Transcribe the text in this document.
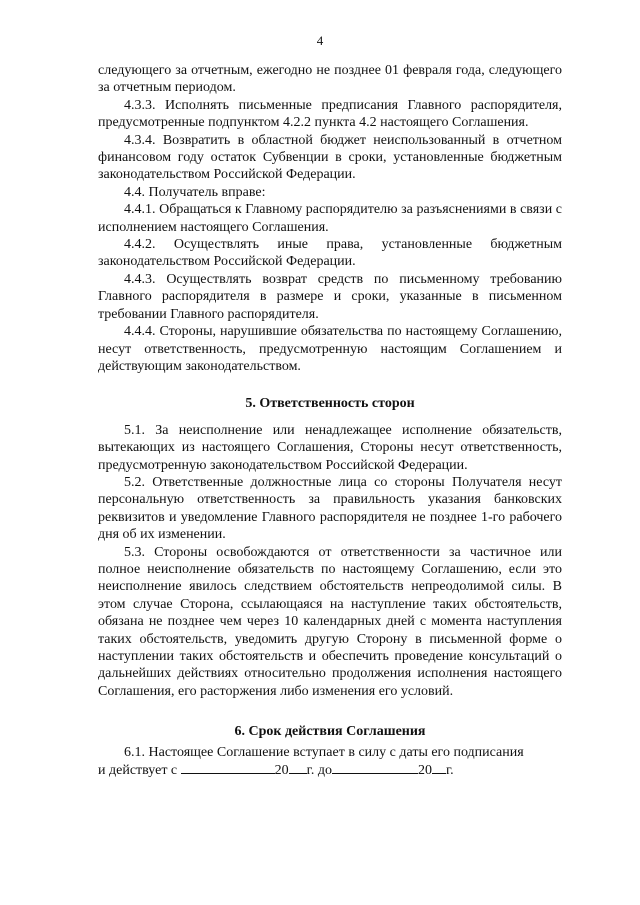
4

следующего за отчетным, ежегодно не позднее 01 февраля года, следующего за отчетным периодом.

4.3.3. Исполнять письменные предписания Главного распорядителя, предусмотренные подпунктом 4.2.2 пункта 4.2 настоящего Соглашения.

4.3.4. Возвратить в областной бюджет неиспользованный в отчетном финансовом году остаток Субвенции в сроки, установленные бюджетным законодательством Российской Федерации.

4.4. Получатель вправе:

4.4.1. Обращаться к Главному распорядителю за разъяснениями в связи с исполнением настоящего Соглашения.

4.4.2. Осуществлять иные права, установленные бюджетным законодательством Российской Федерации.

4.4.3. Осуществлять возврат средств по письменному требованию Главного распорядителя в размере и сроки, указанные в письменном требовании Главного распорядителя.

4.4.4. Стороны, нарушившие обязательства по настоящему Соглашению, несут ответственность, предусмотренную настоящим Соглашением и действующим законодательством.

5. Ответственность сторон

5.1. За неисполнение или ненадлежащее исполнение обязательств, вытекающих из настоящего Соглашения, Стороны несут ответственность, предусмотренную законодательством Российской Федерации.

5.2. Ответственные должностные лица со стороны Получателя несут персональную ответственность за правильность указания банковских реквизитов и уведомление Главного распорядителя не позднее 1-го рабочего дня об их изменении.

5.3. Стороны освобождаются от ответственности за частичное или полное неисполнение обязательств по настоящему Соглашению, если это неисполнение явилось следствием обстоятельств непреодолимой силы. В этом случае Сторона, ссылающаяся на наступление таких обстоятельств, обязана не позднее чем через 10 календарных дней с момента наступления таких обстоятельств, уведомить другую Сторону в письменной форме о наступлении таких обстоятельств и обеспечить проведение консультаций о дальнейших действиях относительно продолжения исполнения настоящего Соглашения, его расторжения либо изменения его условий.

6. Срок действия Соглашения

6.1. Настоящее Соглашение вступает в силу с даты его подписания

и действует с	20 г. до	20 г.
